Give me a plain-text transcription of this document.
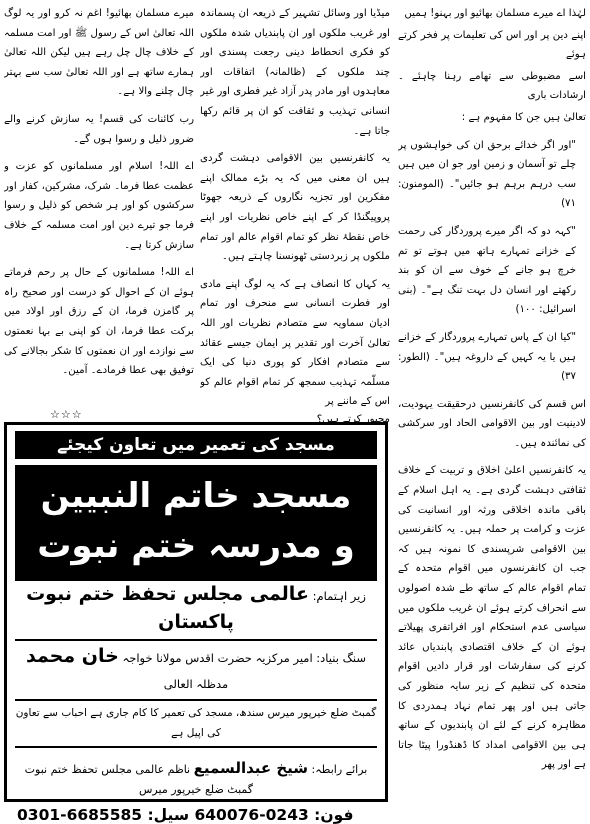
لہٰذا اے میرے مسلمان بھائیو اور بہنو! ہمیں

اپنے دین پر اور اس کی تعلیمات پر فخر کرتے ہوئے

اسے مضبوطی سے تھامے رہنا چاہئے ۔ ارشادات باری

تعالیٰ ہیں جن کا مفہوم ہے :

"اور اگر خدائے برحق ان کی خواہشوں پر چلے تو آسمان و زمین اور جو ان میں ہیں سب درہم برہم ہو جائیں"۔ (المومنون: ۷۱)

"کہہ دو کہ اگر میرے پروردگار کی رحمت کے خزانے تمہارے ہاتھ میں ہوتے تو تم خرچ ہو جانے کے خوف سے ان کو بند رکھتے اور انسان دل بہت تنگ ہے"۔ (بنی اسرائیل: ۱۰۰)

"کیا ان کے پاس تمہارے پروردگار کے خزانے ہیں یا یہ کہیں کے داروغہ ہیں"۔ (الطور: ۳۷)

اس قسم کی کانفرنسیں درحقیقت یہودیت، لادینیت اور بین الاقوامی الحاد اور سرکشی کی نمائندہ ہیں۔

یہ کانفرنسیں اعلیٰ اخلاق و تربیت کے خلاف ثقافتی دہشت گردی ہے۔ یہ اہل اسلام کے باقی ماندہ اخلاقی ورثہ اور انسانیت کی عزت و کرامت پر حملہ ہیں۔ یہ کانفرنسیں بین الاقوامی شرپسندی کا نمونہ ہیں کہ جب ان کانفرنسوں میں اقوام متحدہ کے تمام اقوام عالم کے ساتھ طے شدہ اصولوں سے انحراف کرتے ہوئے ان غریب ملکوں میں سیاسی عدم استحکام اور افراتفری پھیلاتے ہوئے ان کے خلاف اقتصادی پابندیاں عائد کرنے کی سفارشات اور قرار دادیں اقوام متحدہ کی تنظیم کے زیر سایہ منظور کی جاتی ہیں اور پھر تمام نہاد ہمدردی کا مظاہرہ کرنے کے لئے ان پابندیوں کے ساتھ ہی بین الاقوامی امداد کا ڈھنڈورا پیٹا جاتا ہے اور پھر

میڈیا اور وسائل تشہیر کے ذریعہ ان پسماندہ اور غریب ملکوں اور ان پابندیاں شدہ ملکوں کو فکری انحطاط دینی رجعت پسندی اور چند ملکوں کے (ظالمانہ) اتفاقات اور معاہدوں اور مادر پدر آزاد غیر فطری اور غیر انسانی تہذیب و ثقافت کو ان پر قائم رکھا جاتا ہے۔

یہ کانفرنسیں بین الاقوامی دہشت گردی ہیں ان معنی میں کہ یہ بڑے ممالک اپنے مفکرین اور تجزیہ نگاروں کے ذریعہ جھوٹا پروپیگنڈا کر کے اپنے خاص نظریات اور اپنے خاص نقطۂ نظر کو تمام اقوام عالم اور تمام ملکوں پر زبردستی ٹھونسنا چاہتے ہیں۔

یہ کہاں کا انصاف ہے کہ یہ لوگ اپنے مادی اور فطرت انسانی سے منحرف اور تمام ادیان سماویہ سے متصادم نظریات اور اللہ تعالیٰ آخرت اور تقدیر پر ایمان جیسے عقائد سے متصادم افکار کو پوری دنیا کی ایک مسلّمہ تہذیب سمجھ کر تمام اقوام عالم کو اس کے ماننے پر

مجبور کرتے ہیں؟

میرے مسلمان بھائیو! اغم نہ کرو اور یہ لوگ اللہ تعالیٰ اس کے رسول ﷺ اور امت مسلمہ کے خلاف چال چل رہے ہیں لیکن اللہ تعالیٰ ہمارے ساتھ ہے اور اللہ تعالیٰ سب سے بہتر چال چلنے والا ہے۔

رب کائنات کی قسم! یہ سازش کرنے والے ضرور ذلیل و رسوا ہوں گے۔

اے اللہ! اسلام اور مسلمانوں کو عزت و عظمت عطا فرما۔ شرک، مشرکین، کفار اور سرکشوں کو اور ہر شخص کو ذلیل و رسوا فرما جو تیرے دین اور امت مسلمہ کے خلاف سازش کرتا ہے۔

اے اللہ! مسلمانوں کے حال پر رحم فرماتے ہوئے ان کے احوال کو درست اور صحیح راہ پر گامزن فرما، ان کے رزق اور اولاد میں برکت عطا فرما، ان کو اپنی بے بہا نعمتوں سے نوازدے اور ان نعمتوں کا شکر بجالانے کی توفیق بھی عطا فرمادے۔ آمین۔

☆☆☆
مسجد کی تعمیر میں تعاون کیجئے
مسجد خاتم النبیین
و مدرسہ ختم نبوت
زیر اہتمام: عالمی مجلس تحفظ ختم نبوت پاکستان
سنگ بنیاد: امیر مرکزیہ حضرت اقدس مولانا خواجہ خان محمد مدظلہ العالی
گمبٹ ضلع خیرپور میرس سندھ، مسجد کی تعمیر کا کام جاری ہے احباب سے تعاون کی اپیل ہے
برائے رابطہ: شیخ عبدالسمیع ناظم عالمی مجلس تحفظ ختم نبوت گمبٹ ضلع خیرپور میرس
0301-6685585 :فون: 0243-640076 سیل
